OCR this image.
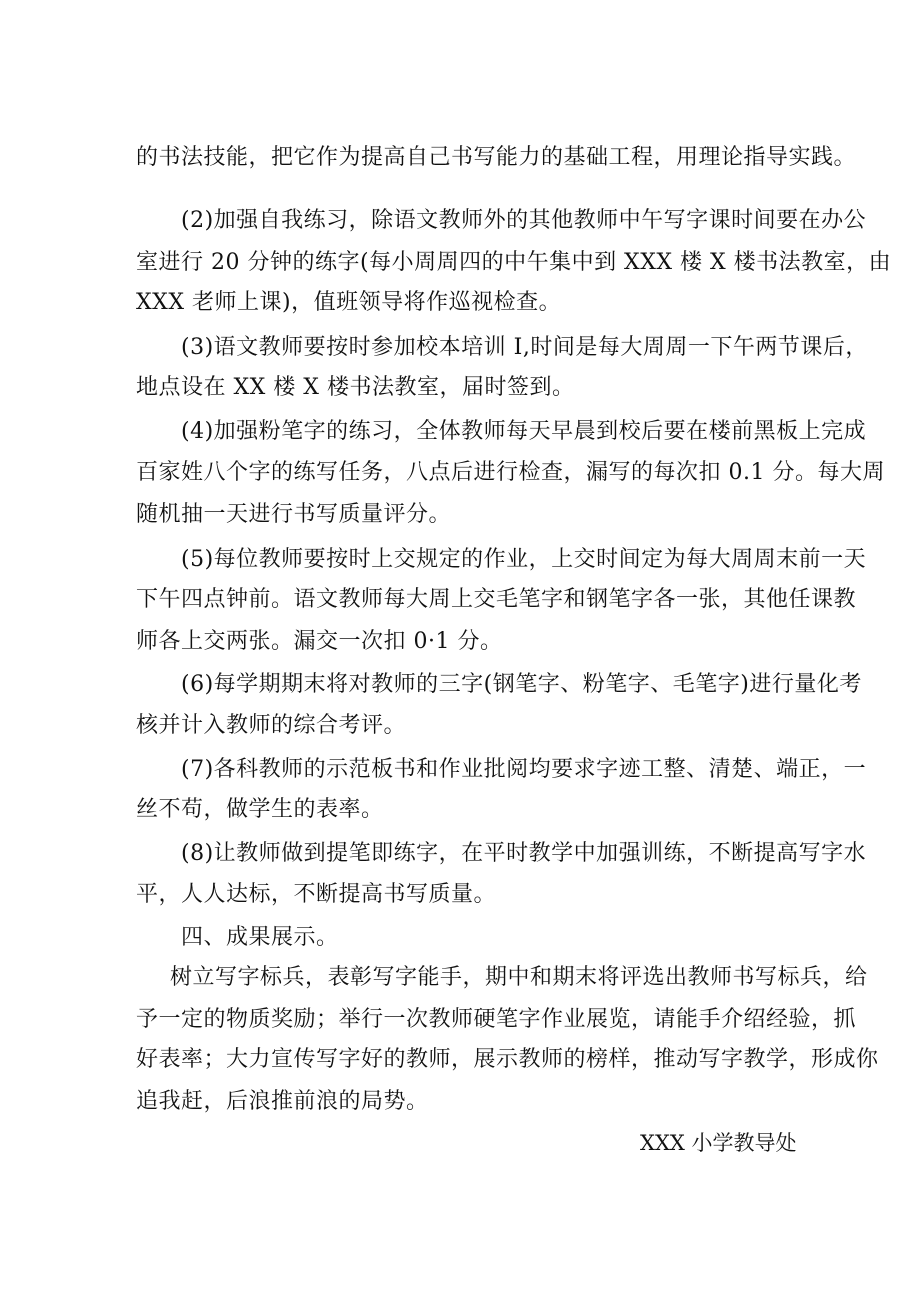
的书法技能，把它作为提高自己书写能力的基础工程，用理论指导实践。
(2)加强自我练习，除语文教师外的其他教师中午写字课时间要在办公
室进行 20 分钟的练字(每小周周四的中午集中到 XXX 楼 X 楼书法教室，由
XXX 老师上课)，值班领导将作巡视检查。
(3)语文教师要按时参加校本培训 I,时间是每大周周一下午两节课后，
地点设在 XX 楼 X 楼书法教室，届时签到。
(4)加强粉笔字的练习，全体教师每天早晨到校后要在楼前黑板上完成
百家姓八个字的练写任务，八点后进行检查，漏写的每次扣 0.1 分。每大周
随机抽一天进行书写质量评分。
(5)每位教师要按时上交规定的作业，上交时间定为每大周周末前一天
下午四点钟前。语文教师每大周上交毛笔字和钢笔字各一张，其他任课教
师各上交两张。漏交一次扣 0·1 分。
(6)每学期期末将对教师的三字(钢笔字、粉笔字、毛笔字)进行量化考
核并计入教师的综合考评。
(7)各科教师的示范板书和作业批阅均要求字迹工整、清楚、端正，一
丝不苟，做学生的表率。
(8)让教师做到提笔即练字，在平时教学中加强训练，不断提高写字水
平，人人达标，不断提高书写质量。
四、成果展示。
树立写字标兵，表彰写字能手，期中和期末将评选出教师书写标兵，给
予一定的物质奖励；举行一次教师硬笔字作业展览，请能手介绍经验，抓
好表率；大力宣传写字好的教师，展示教师的榜样，推动写字教学，形成你
追我赶，后浪推前浪的局势。
XXX 小学教导处
